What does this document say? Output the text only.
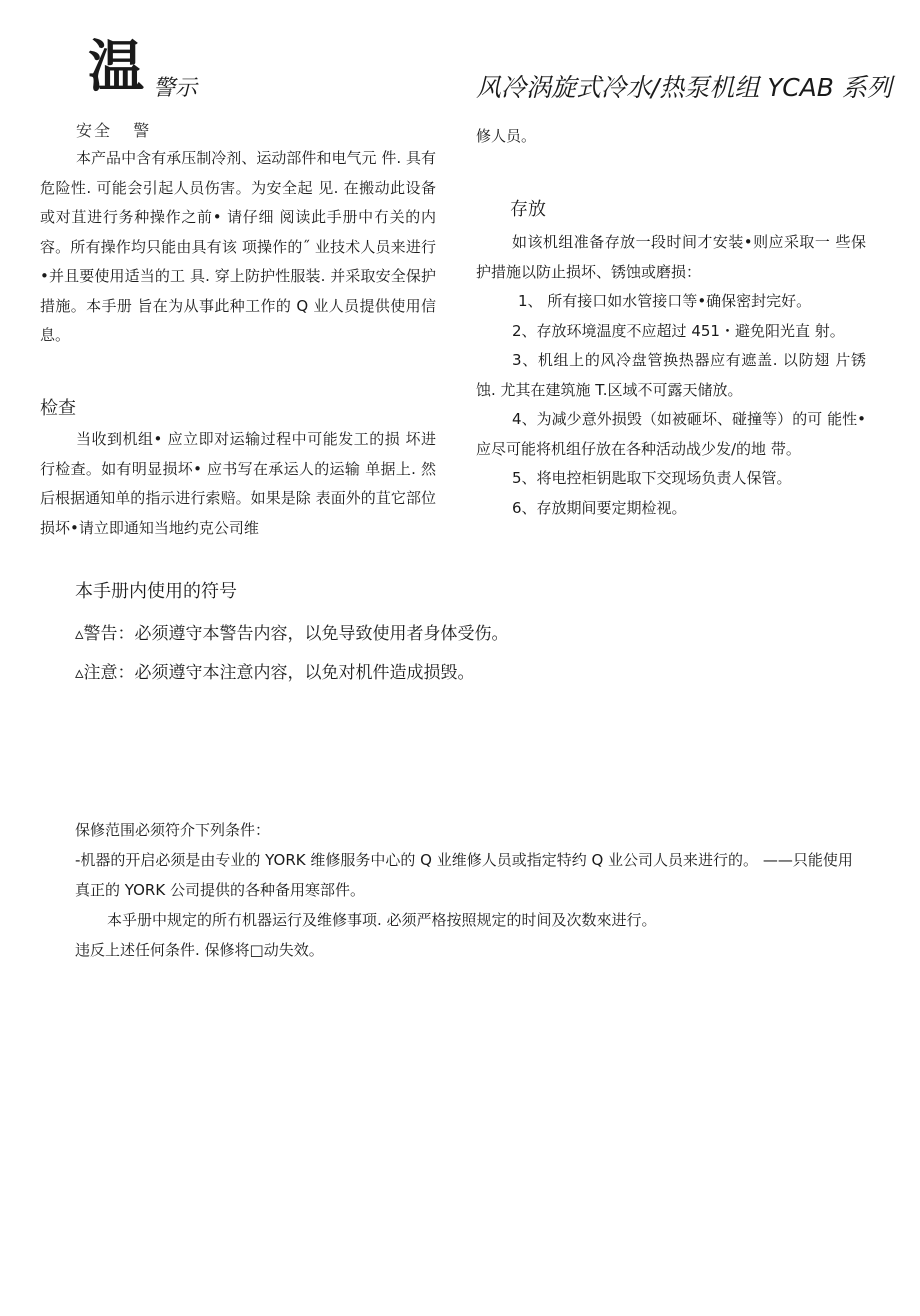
温 警示	风冷涡旋式冷水/热泵机组 YCAB 系列
安全 警

本产品中含有承压制冷剂、运动部件和电气元 件. 具有危险性. 可能会引起人员伤害。为安全起 见. 在搬动此设备或对苴进行务种操作之前• 请仔细 阅读此手册中冇关的内容。所有操作均只能由具有该 项操作的˝ 业技术人员来进行•并且要使用适当的工 具. 穿上防护性服装. 并采取安全保护措施。本手册 旨在为从事此种工作的 Q 业人员提供使用信息。

检查

当收到机组• 应立即对运输过程中可能发工的损 坏进行检查。如有明显损坏• 应书写在承运人的运输 单据上. 然后根据通知单的指示进行索赔。如果是除 表面外的苴它部位损坏•请立即通知当地约克公司维

修人员。
存放

如该机组准备存放一段时间才安装•则应采取一 些保护措施以防止损坏、锈蚀或磨损：

1、 所有接口如水管接口等•确保密封完好。

2、存放环境温度不应超过 451・避免阳光直 射。

3、机组上的风冷盘管换热器应有遮盖. 以防翅 片锈蚀. 尤其在建筑施 T.区域不可露天储放。

4、为减少意外损毁（如被砸坏、碰撞等）的可 能性•应尽可能将机组仔放在各种活动战少发/的地 带。

5、将电控柜钥匙取下交现场负责人保管。

6、存放期间要定期检视。

本手册内使用的符号
▵警告：必须遵守本警告内容，以免导致使用者身体受伤。
▵注意：必须遵守本注意内容，以免对机件造成损毁。

保修范围必须符介下列条件：

-机器的开启必须是由专业的 YORK 维修服务中心的 Q 业维修人员或指定特约 Q 业公司人员来进行的。 ——只能使用真正的 YORK 公司提供的各种备用寒部件。

本乎册中规定的所冇机器运行及维修事项. 必须严格按照规定的时间及次数來进行。

违反上述任何条件. 保修将□动失效。
